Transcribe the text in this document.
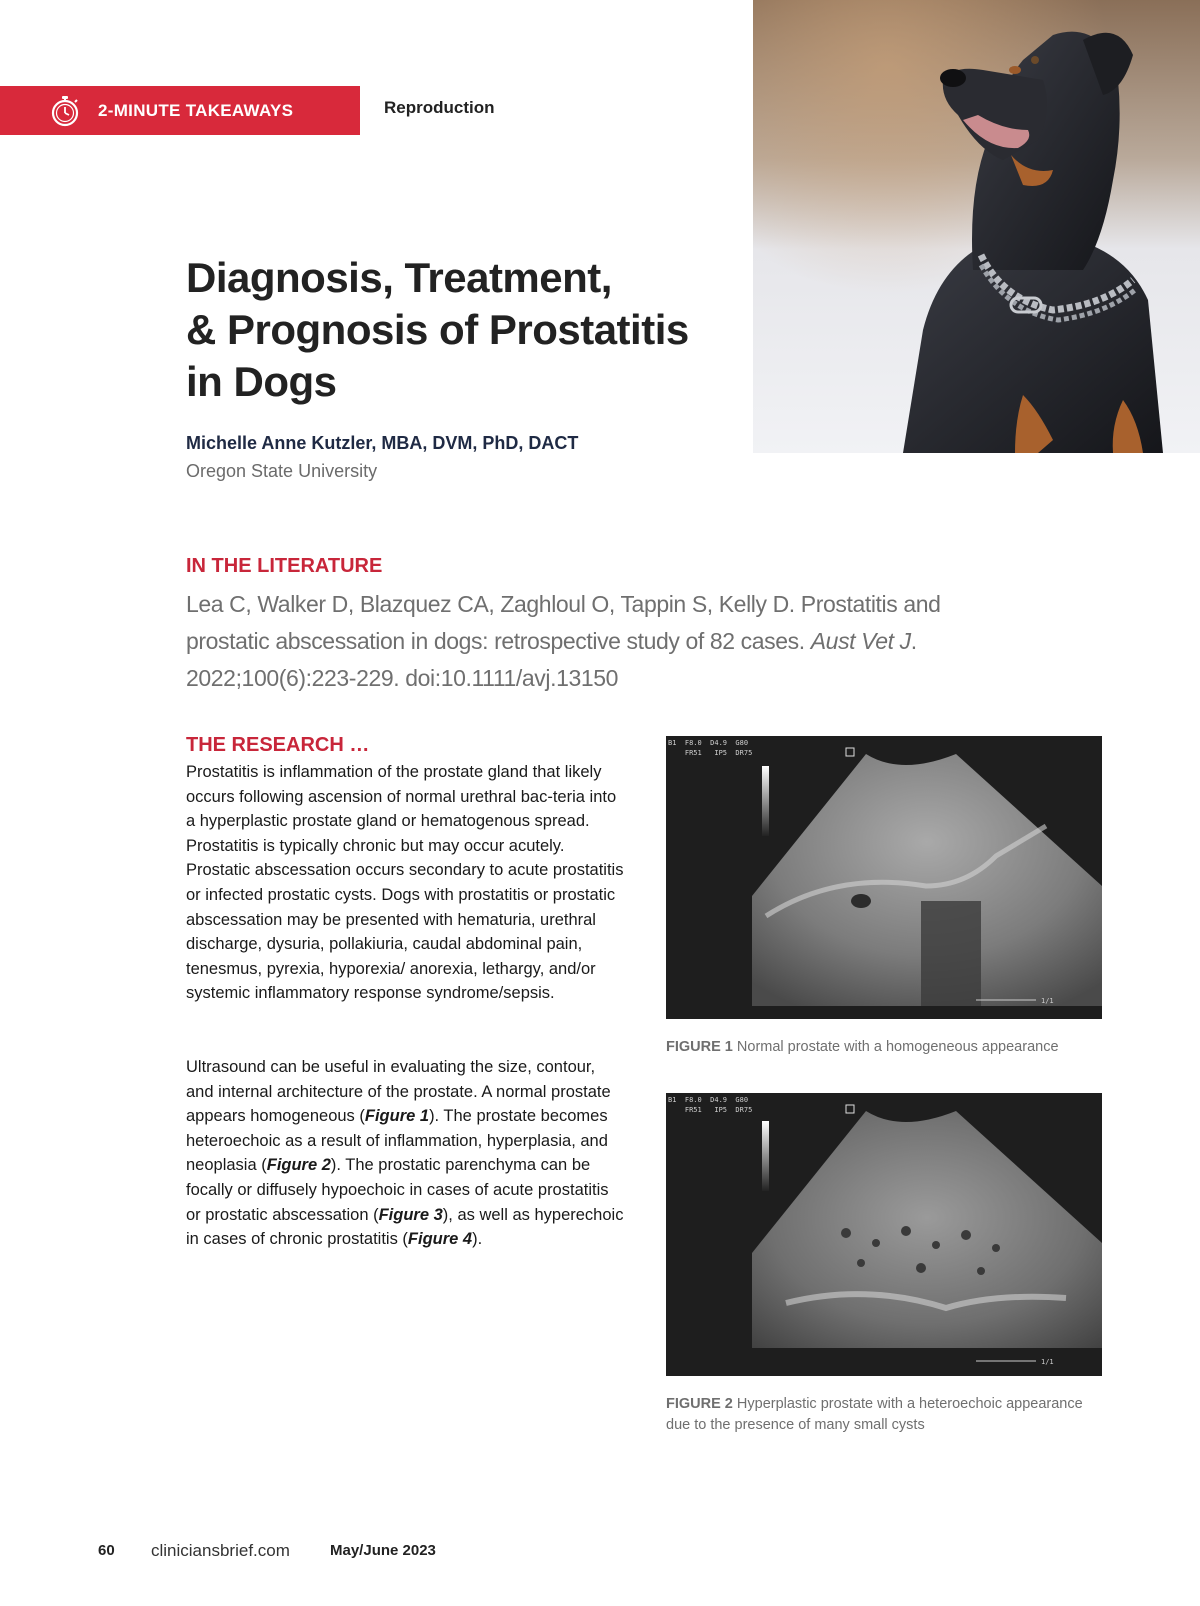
2-MINUTE TAKEAWAYS	Reproduction
Diagnosis, Treatment,
& Prognosis of Prostatitis
in Dogs
Michelle Anne Kutzler, MBA, DVM, PhD, DACT
Oregon State University
IN THE LITERATURE
Lea C, Walker D, Blazquez CA, Zaghloul O, Tappin S, Kelly D. Prostatitis and prostatic abscessation in dogs: retrospective study of 82 cases. Aust Vet J. 2022;100(6):223-229. doi:10.1111/avj.13150
THE RESEARCH …

Prostatitis is inflammation of the prostate gland that likely occurs following ascension of normal urethral bac-teria into a hyperplastic prostate gland or hematogenous spread. Prostatitis is typically chronic but may occur acutely. Prostatic abscessation occurs secondary to acute prostatitis or infected prostatic cysts. Dogs with prostatitis or prostatic abscessation may be presented with hematuria, urethral discharge, dysuria, pollakiuria, caudal abdominal pain, tenesmus, pyrexia, hyporexia/ anorexia, lethargy, and/or systemic inflammatory response syndrome/sepsis.

Ultrasound can be useful in evaluating the size, contour, and internal architecture of the prostate. A normal prostate appears homogeneous (Figure 1). The prostate becomes heteroechoic as a result of inflammation, hyperplasia, and neoplasia (Figure 2). The prostatic parenchyma can be focally or diffusely hypoechoic in cases of acute prostatitis or prostatic abscessation (Figure 3), as well as hyperechoic in cases of chronic prostatitis (Figure 4).

1/1
B1  F8.0  D4.9  G80
FR51   IP5  DR75
FIGURE 1 Normal prostate with a homogeneous appearance
1/1
B1  F8.0  D4.9  G80
FR51   IP5  DR75
FIGURE 2 Hyperplastic prostate with a heteroechoic appearance due to the presence of many small cysts
60 cliniciansbrief.com	May/June 2023
